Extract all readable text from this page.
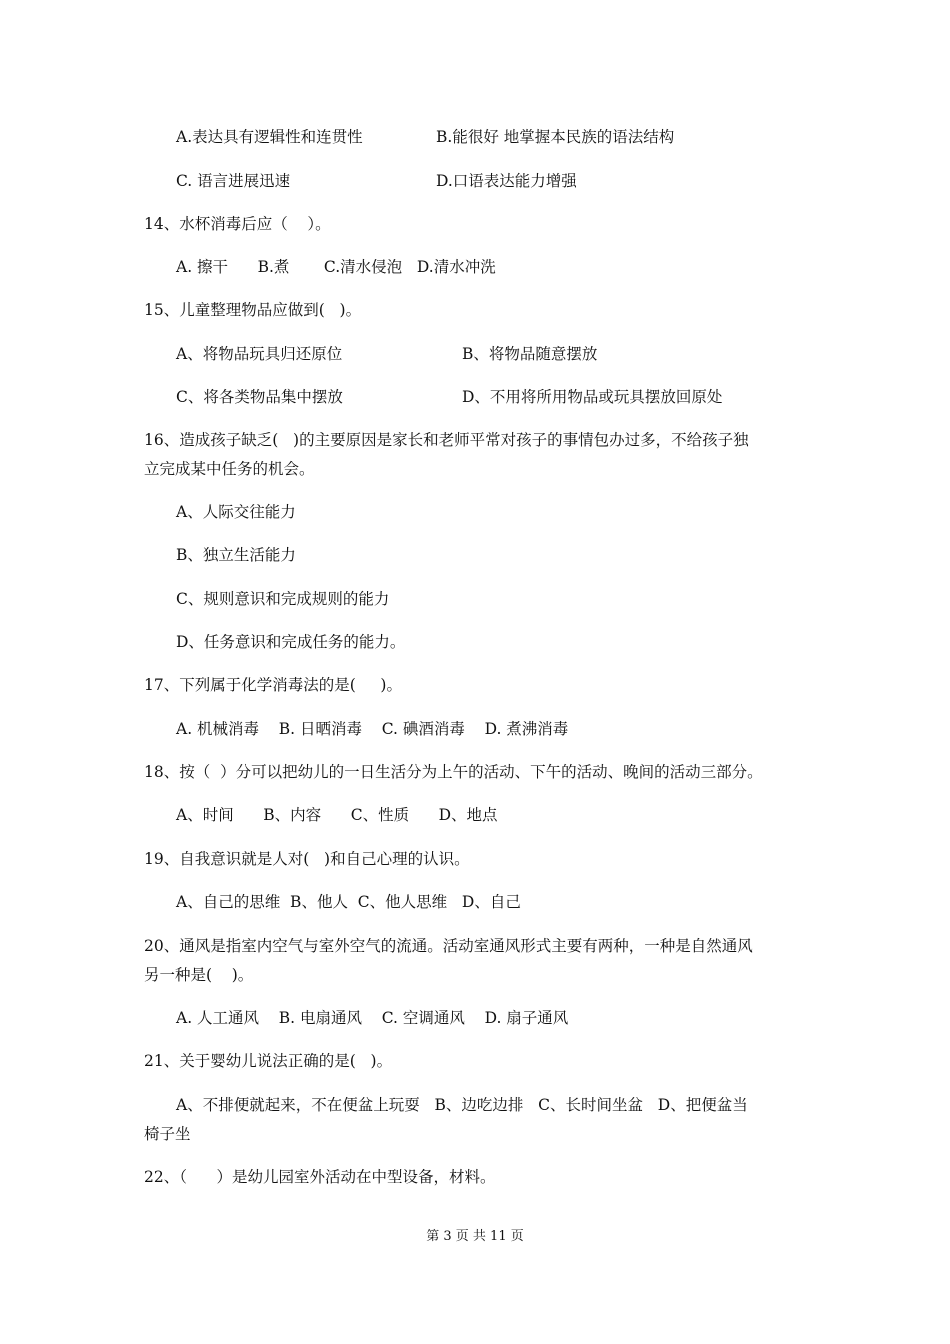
A.表达具有逻辑性和连贯性	B.能很好 地掌握本民族的语法结构
C. 语言进展迅速	D.口语表达能力增强
14、水杯消毒后应（    ）。
A. 擦干      B.煮       C.清水侵泡   D.清水冲洗
15、儿童整理物品应做到(   )。
A、将物品玩具归还原位	B、将物品随意摆放
C、将各类物品集中摆放	D、不用将所用物品或玩具摆放回原处
16、造成孩子缺乏(   )的主要原因是家长和老师平常对孩子的事情包办过多，不给孩子独
立完成某中任务的机会。
A、人际交往能力
B、独立生活能力
C、规则意识和完成规则的能力
D、任务意识和完成任务的能力。
17、下列属于化学消毒法的是(     )。
A. 机械消毒    B. 日晒消毒    C. 碘酒消毒    D. 煮沸消毒
18、按（  ）分可以把幼儿的一日生活分为上午的活动、下午的活动、晚间的活动三部分。
A、时间      B、内容      C、性质      D、地点
19、自我意识就是人对(   )和自己心理的认识。
A、自己的思维  B、他人  C、他人思维   D、自己
20、通风是指室内空气与室外空气的流通。活动室通风形式主要有两种，一种是自然通风
另一种是(    )。
A. 人工通风    B. 电扇通风    C. 空调通风    D. 扇子通风
21、关于婴幼儿说法正确的是(   )。
A、不排便就起来，不在便盆上玩耍   B、边吃边排   C、长时间坐盆   D、把便盆当
椅子坐
22、（      ）是幼儿园室外活动在中型设备，材料。
第 3 页 共 11 页
